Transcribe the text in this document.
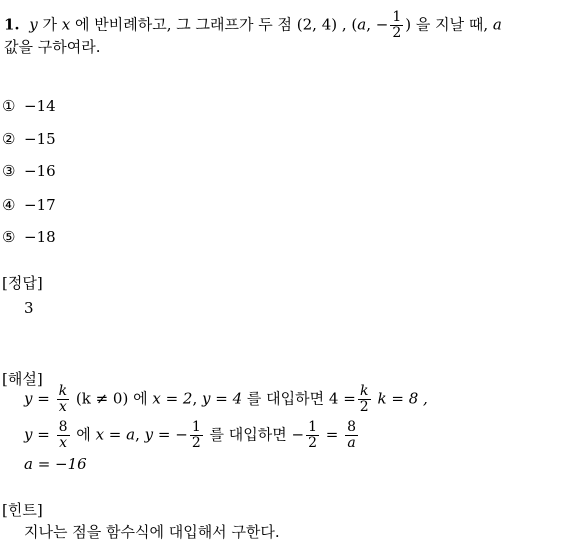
1. y 가 x 에 반비례하고, 그 그래프가 두 점 (2, 4) , (a, − $\frac{1}{2}$ ) 을 지날 때, a
값을 구하여라.
① −14
② −15
③ −16
④ −17
⑤ −18
[정답]
3
[해설]
$y = \frac{k}{x} (k \ne 0)$ 에 x = 2, y = 4 를 대입하면 $4 = \frac{k}{2}$ k = 8 ,
$y = \frac{8}{x}$ 에 x = a, y = − $\frac{1}{2}$ 를 대입하면 − $\frac{1}{2} = \frac{8}{a}$
a = −16
[힌트]
지나는 점을 함수식에 대입해서 구한다.
